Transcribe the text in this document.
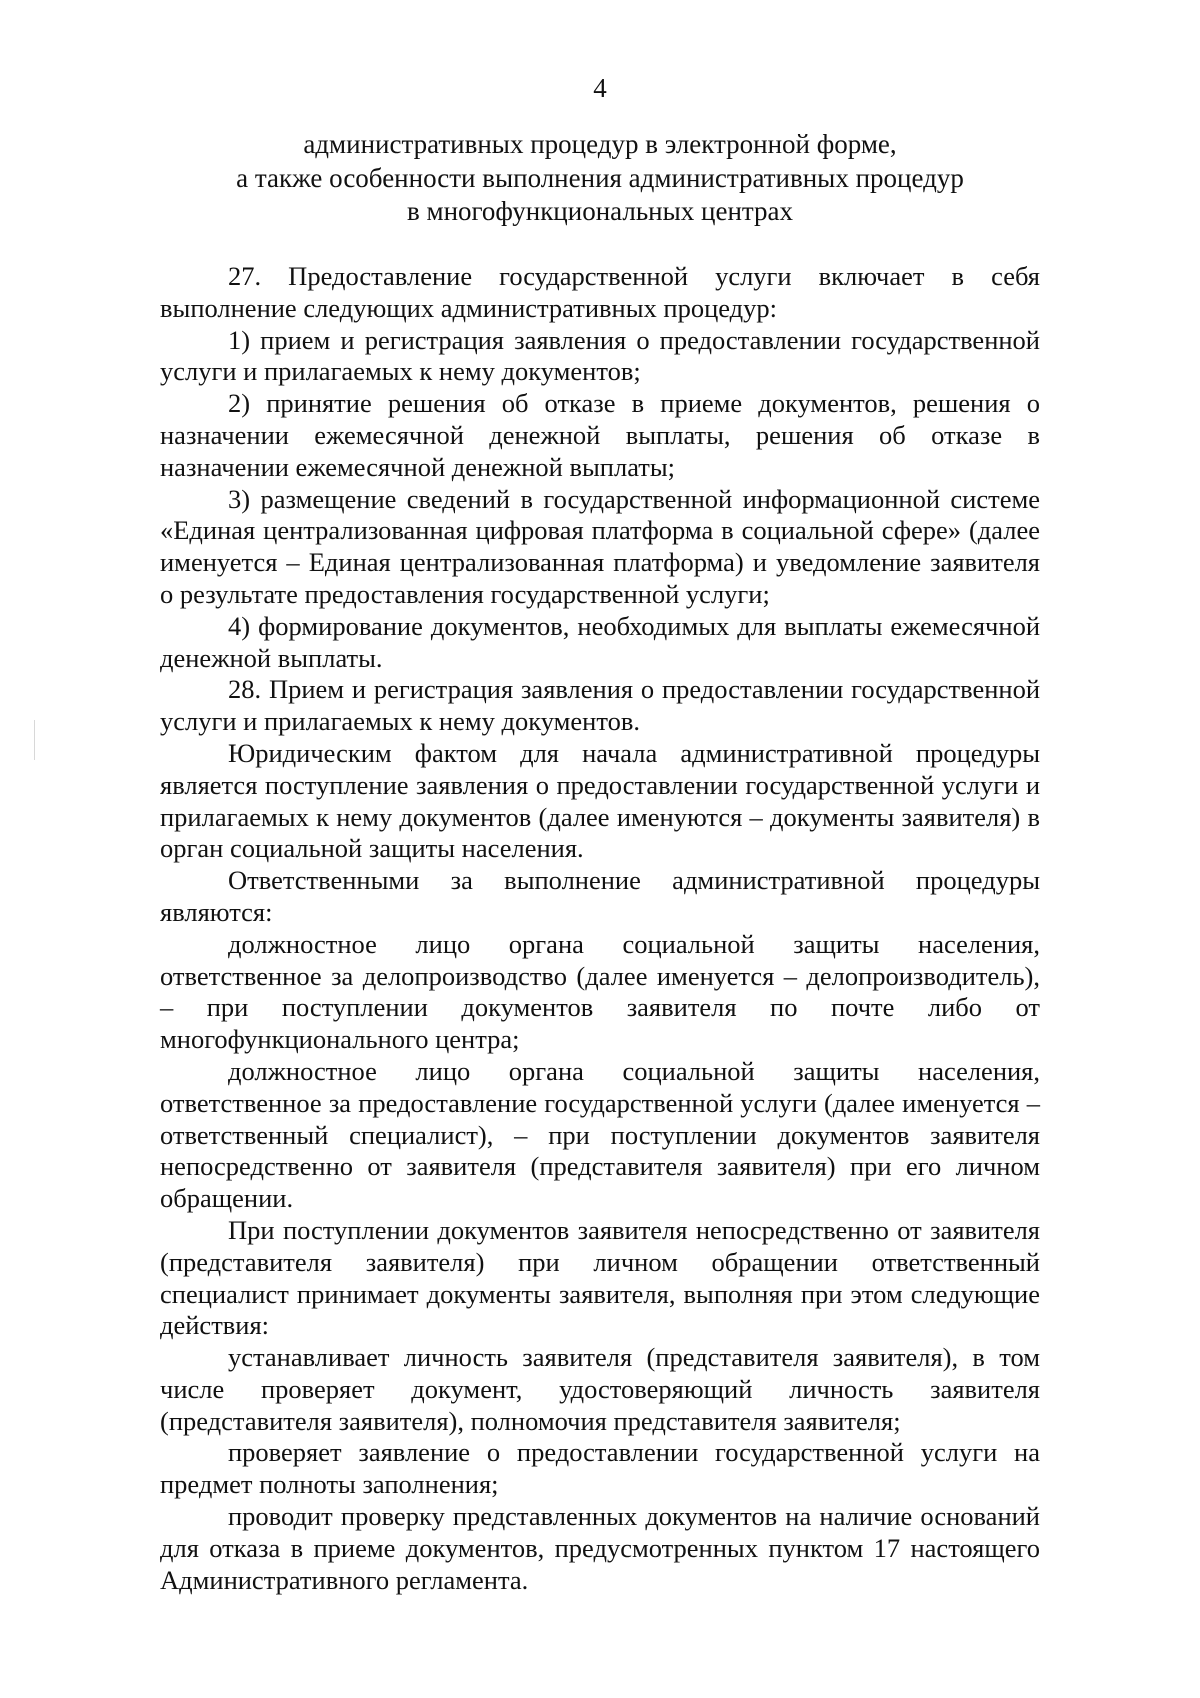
4
административных процедур в электронной форме,
а также особенности выполнения административных процедур
в многофункциональных центрах

27. Предоставление государственной услуги включает в себя выполнение следующих административных процедур:

1) прием и регистрация заявления о предоставлении государственной услуги и прилагаемых к нему документов;

2) принятие решения об отказе в приеме документов, решения о назначении ежемесячной денежной выплаты, решения об отказе в назначении ежемесячной денежной выплаты;

3) размещение сведений в государственной информационной системе «Единая централизованная цифровая платформа в социальной сфере» (далее именуется – Единая централизованная платформа) и уведомление заявителя о результате предоставления государственной услуги;

4) формирование документов, необходимых для выплаты ежемесячной денежной выплаты.

28. Прием и регистрация заявления о предоставлении государственной услуги и прилагаемых к нему документов.

Юридическим фактом для начала административной процедуры является поступление заявления о предоставлении государственной услуги и прилагаемых к нему документов (далее именуются – документы заявителя) в орган социальной защиты населения.

Ответственными за выполнение административной процедуры являются:

должностное лицо органа социальной защиты населения, ответственное за делопроизводство (далее именуется – делопроизводитель), – при поступлении документов заявителя по почте либо от многофункционального центра;

должностное лицо органа социальной защиты населения, ответственное за предоставление государственной услуги (далее именуется – ответственный специалист), – при поступлении документов заявителя непосредственно от заявителя (представителя заявителя) при его личном обращении.

При поступлении документов заявителя непосредственно от заявителя (представителя заявителя) при личном обращении ответственный специалист принимает документы заявителя, выполняя при этом следующие действия:

устанавливает личность заявителя (представителя заявителя), в том числе проверяет документ, удостоверяющий личность заявителя (представителя заявителя), полномочия представителя заявителя;

проверяет заявление о предоставлении государственной услуги на предмет полноты заполнения;

проводит проверку представленных документов на наличие оснований для отказа в приеме документов, предусмотренных пунктом 17 настоящего Административного регламента.
